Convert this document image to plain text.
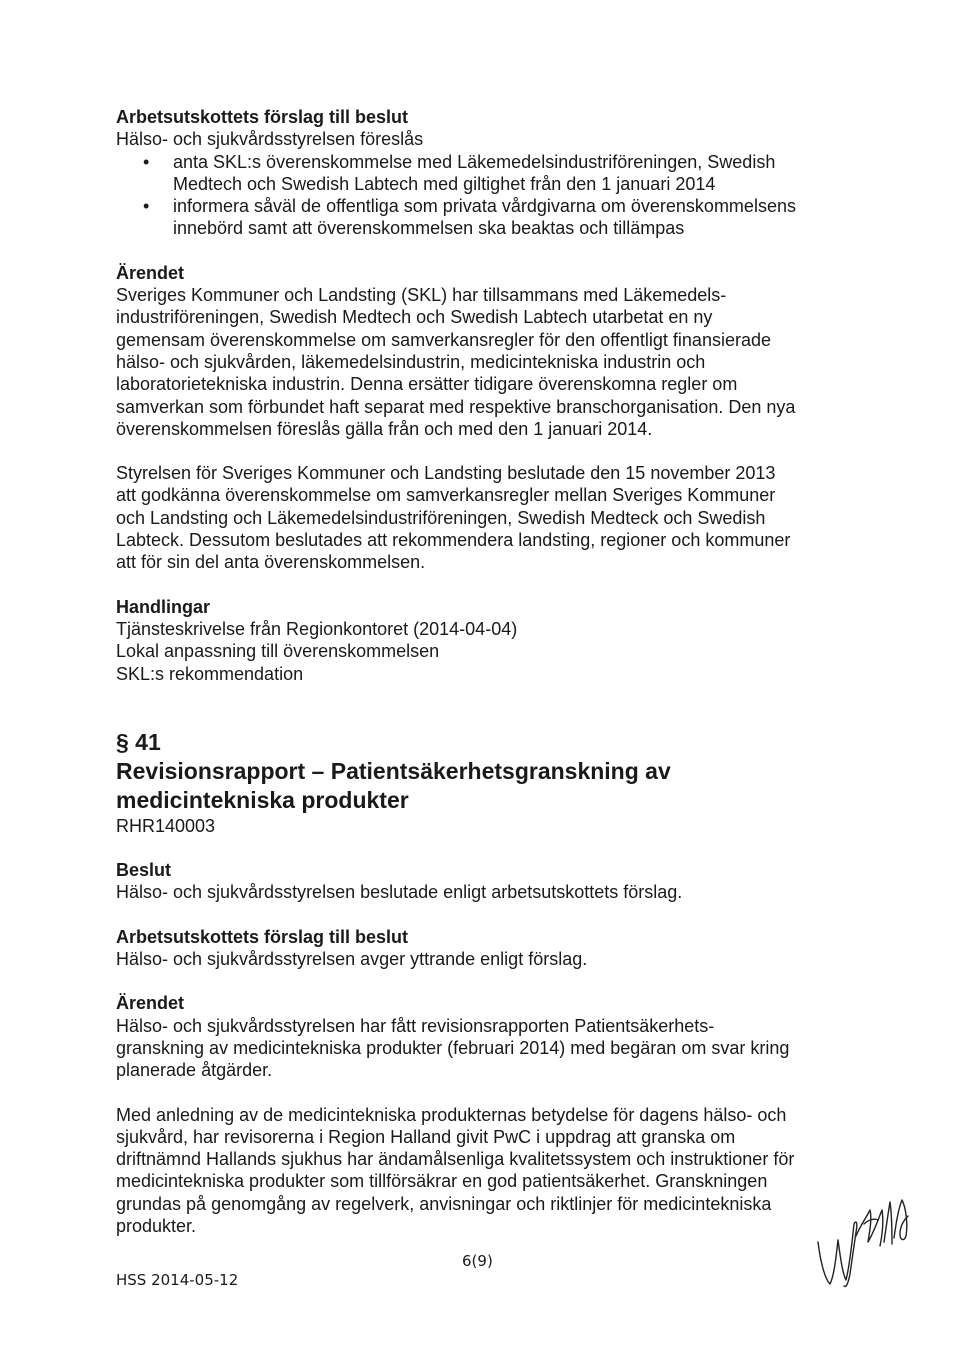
Arbetsutskottets förslag till beslut
Hälso- och sjukvårdsstyrelsen föreslås
• anta SKL:s överenskommelse med Läkemedelsindustriföreningen, Swedish
Medtech och Swedish Labtech med giltighet från den 1 januari 2014
• informera såväl de offentliga som privata vårdgivarna om överenskommelsens
innebörd samt att överenskommelsen ska beaktas och tillämpas
Ärendet
Sveriges Kommuner och Landsting (SKL) har tillsammans med Läkemedels-
industriföreningen, Swedish Medtech och Swedish Labtech utarbetat en ny
gemensam överenskommelse om samverkansregler för den offentligt finansierade
hälso- och sjukvården, läkemedelsindustrin, medicintekniska industrin och
laboratorietekniska industrin. Denna ersätter tidigare överenskomna regler om
samverkan som förbundet haft separat med respektive branschorganisation. Den nya
överenskommelsen föreslås gälla från och med den 1 januari 2014.
Styrelsen för Sveriges Kommuner och Landsting beslutade den 15 november 2013
att godkänna överenskommelse om samverkansregler mellan Sveriges Kommuner
och Landsting och Läkemedelsindustriföreningen, Swedish Medteck och Swedish
Labteck. Dessutom beslutades att rekommendera landsting, regioner och kommuner
att för sin del anta överenskommelsen.
Handlingar
Tjänsteskrivelse från Regionkontoret (2014-04-04)
Lokal anpassning till överenskommelsen
SKL:s rekommendation
§ 41
Revisionsrapport – Patientsäkerhetsgranskning av
medicintekniska produkter
RHR140003
Beslut
Hälso- och sjukvårdsstyrelsen beslutade enligt arbetsutskottets förslag.
Arbetsutskottets förslag till beslut
Hälso- och sjukvårdsstyrelsen avger yttrande enligt förslag.
Ärendet
Hälso- och sjukvårdsstyrelsen har fått revisionsrapporten Patientsäkerhets-
granskning av medicintekniska produkter (februari 2014) med begäran om svar kring
planerade åtgärder.
Med anledning av de medicintekniska produkternas betydelse för dagens hälso- och
sjukvård, har revisorerna i Region Halland givit PwC i uppdrag att granska om
driftnämnd Hallands sjukhus har ändamålsenliga kvalitetssystem och instruktioner för
medicintekniska produkter som tillförsäkrar en god patientsäkerhet. Granskningen
grundas på genomgång av regelverk, anvisningar och riktlinjer för medicintekniska
produkter.
6(9)
HSS 2014-05-12
